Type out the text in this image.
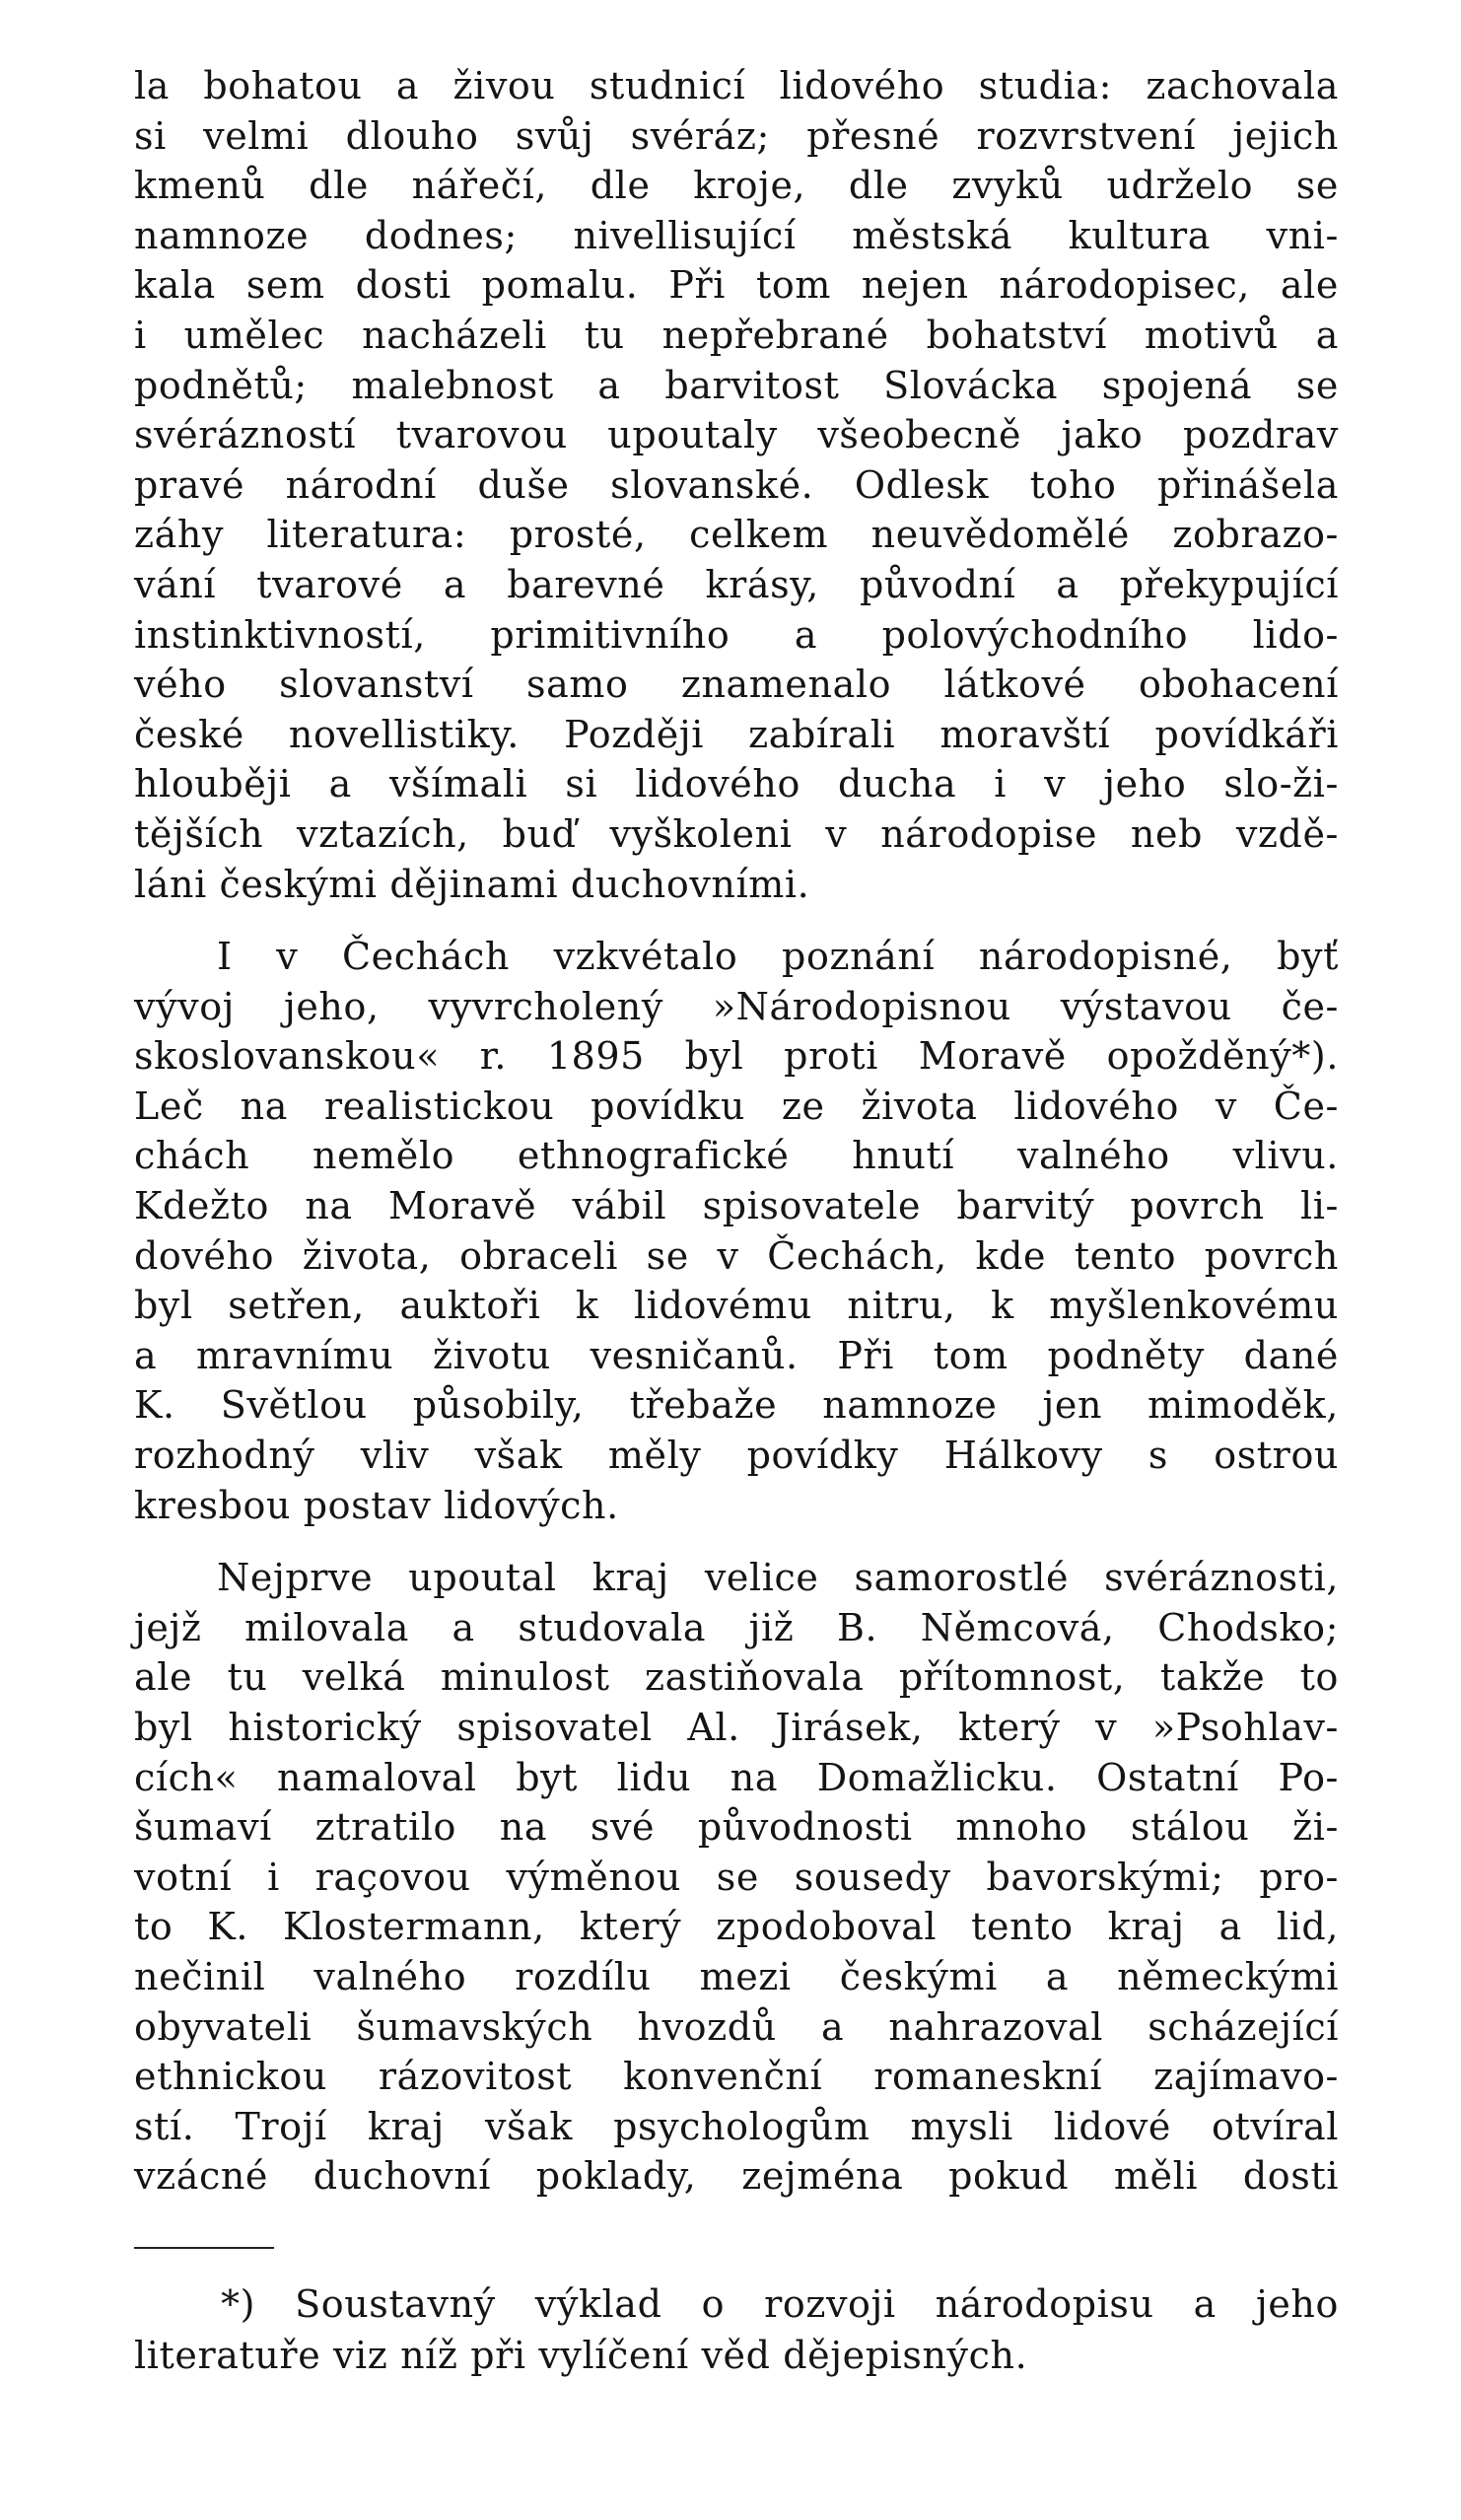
la bohatou a živou studnicí lidového studia: zachovala
si velmi dlouho svůj svéráz; přesné rozvrstvení jejich
kmenů dle nářečí, dle kroje, dle zvyků udrželo se
namnoze dodnes; nivellisující městská kultura vni-
kala sem dosti pomalu. Při tom nejen národopisec, ale
i umělec nacházeli tu nepřebrané bohatství motivů a
podnětů; malebnost a barvitost Slovácka spojená se
svérázností tvarovou upoutaly všeobecně jako pozdrav
pravé národní duše slovanské. Odlesk toho přinášela
záhy literatura: prosté, celkem neuvědomělé zobrazo-
vání tvarové a barevné krásy, původní a překypující
instinktivností, primitivního a polovýchodního lido-
vého slovanství samo znamenalo látkové obohacení
české novellistiky. Později zabírali moravští povídkáři
hlouběji a všímali si lidového ducha i v jeho slo-ži-
tějších vztazích, buď vyškoleni v národopise neb vzdě-
láni českými dějinami duchovními.
I v Čechách vzkvétalo poznání národopisné, byť
vývoj jeho, vyvrcholený »Národopisnou výstavou če-
skoslovanskou« r. 1895 byl proti Moravě opožděný*).
Leč na realistickou povídku ze života lidového v Če-
chách nemělo ethnografické hnutí valného vlivu.
Kdežto na Moravě vábil spisovatele barvitý povrch li-
dového života, obraceli se v Čechách, kde tento povrch
byl setřen, auktoři k lidovému nitru, k myšlenkovému
a mravnímu životu vesničanů. Při tom podněty dané
K. Světlou působily, třebaže namnoze jen mimoděk,
rozhodný vliv však měly povídky Hálkovy s ostrou
kresbou postav lidových.
Nejprve upoutal kraj velice samorostlé svéráznosti,
jejž milovala a studovala již B. Němcová, Chodsko;
ale tu velká minulost zastiňovala přítomnost, takže to
byl historický spisovatel Al. Jirásek, který v »Psohlav-
cích« namaloval byt lidu na Domažlicku. Ostatní Po-
šumaví ztratilo na své původnosti mnoho stálou ži-
votní i raçovou výměnou se sousedy bavorskými; pro-
to K. Klostermann, který zpodoboval tento kraj a lid,
nečinil valného rozdílu mezi českými a německými
obyvateli šumavských hvozdů a nahrazoval scházející
ethnickou rázovitost konvenční romaneskní zajímavo-
stí. Trojí kraj však psychologům mysli lidové otvíral
vzácné duchovní poklady, zejména pokud měli dosti
*) Soustavný výklad o rozvoji národopisu a jeho
literatuře viz níž při vylíčení věd dějepisných.
